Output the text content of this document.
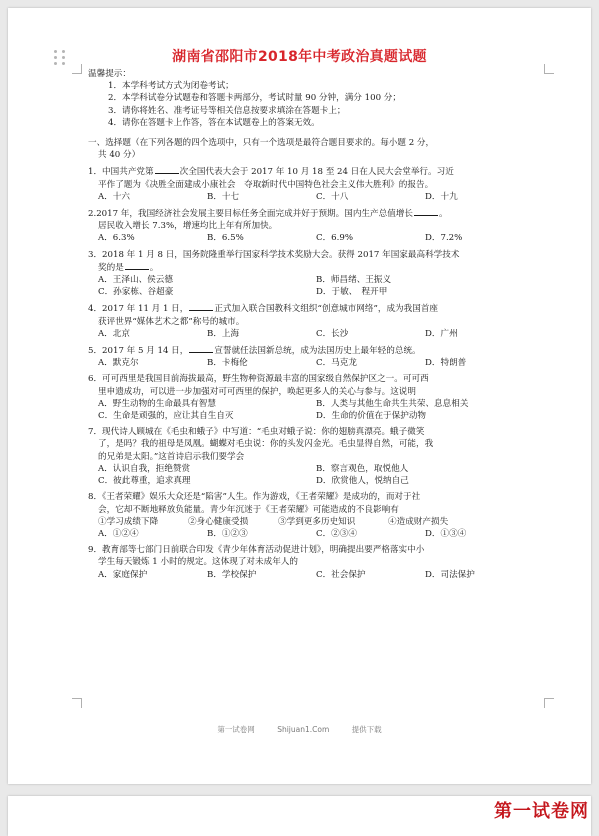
湖南省邵阳市2018年中考政治真题试题
温馨提示：
1．本学科考试方式为闭卷考试；
2．本学科试卷分试题卷和答题卡两部分，考试时量 90 分钟，满分 100 分；
3．请你将姓名、准考证号等相关信息按要求填涂在答题卡上；
4．请你在答题卡上作答，答在本试题卷上的答案无效。
一、选择题（在下列各题的四个选项中，只有一个选项是最符合题目要求的。每小题 2 分，
共 40 分）
1．中国共产党第	次全国代表大会于 2017 年 10 月 18 至 24 日在人民大会堂举行。习近
平作了题为《决胜全面建成小康社会　夺取新时代中国特色社会主义伟大胜利》的报告。
A．十六	B．十七	C．十八	D．十九
2.2017 年，我国经济社会发展主要目标任务全面完成并好于预期。国内生产总值增长	。
居民收入增长 7.3%，增速均比上年有所加快。
A．6.3%	B．6.5%	C．6.9%	D．7.2%
3．2018 年 1 月 8 日，国务院隆重举行国家科学技术奖励大会。获得 2017 年国家最高科学技术
奖的是	。
A．王泽山、侯云德	B．师昌绪、王振义
C．孙家栋、谷超豪	D．于敏、　程开甲
4．2017 年 11 月 1 日，	正式加入联合国教科文组织“创意城市网络”，成为我国首座
获评世界“媒体艺术之都”称号的城市。
A．北京	B．上海	C．长沙	D．广州
5．2017 年 5 月 14 日，	宣誓就任法国新总统，成为法国历史上最年轻的总统。
A．默克尔	B．卡梅伦	C．马克龙	D．特朗普
6．可可西里是我国目前海拔最高，野生物种资源最丰富的国家级自然保护区之一。可可西
里申遗成功，可以进一步加强对可可西里的保护，唤起更多人的关心与参与。这说明
A．野生动物的生命最具有智慧	B．人类与其他生命共生共荣、息息相关
C．生命是顽强的，应让其自生自灭	D．生命的价值在于保护动物
7．现代诗人顾城在《毛虫和蛾子》中写道：“毛虫对蛾子说：你的翅膀真漂亮。蛾子微笑
了，是吗？我的祖母是凤凰。蝴蝶对毛虫说：你的头发闪金光。毛虫显得自然，可能，我
的兄弟是太阳。”这首诗启示我们要学会
A．认识自我，拒绝赞赏	B．察言观色，取悦他人
C．彼此尊重，追求真理	D．欣赏他人，悦纳自己
8．《王者荣耀》娱乐大众还是“陷害”人生。作为游戏，《王者荣耀》是成功的，而对于社
会，它却不断地释放负能量。青少年沉迷于《王者荣耀》可能造成的不良影响有
①学习成绩下降	②身心健康受损	③学到更多历史知识	④造成财产损失
A．①②④	B．①②③	C．②③④	D．①③④
9．教育部等七部门日前联合印发《青少年体育活动促进计划》，明确提出要严格落实中小
学生每天锻炼 1 小时的规定。这体现了对未成年人的
A．家庭保护	B．学校保护	C．社会保护	D．司法保护
第一试卷网	Shijuan1.Com	提供下载
第一试卷网
